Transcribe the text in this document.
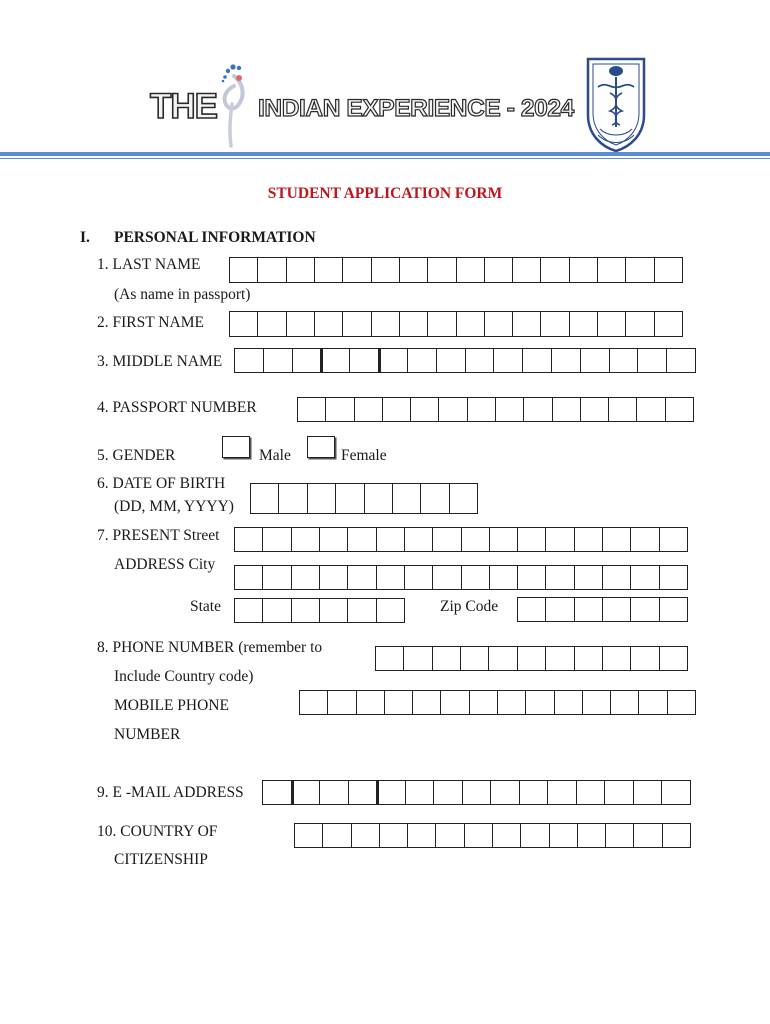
THE INDIAN EXPERIENCE - 2024
STUDENT APPLICATION FORM
I. PERSONAL INFORMATION
1. LAST NAME
(As name in passport)
2. FIRST NAME
3. MIDDLE NAME
4. PASSPORT NUMBER
5. GENDER	Male	Female
6. DATE OF BIRTH
(DD, MM, YYYY)
7. PRESENT Street
ADDRESS City
State	Zip Code
8. PHONE NUMBER (remember to
Include Country code)
MOBILE PHONE
NUMBER
9. E -MAIL ADDRESS
10. COUNTRY OF
CITIZENSHIP
